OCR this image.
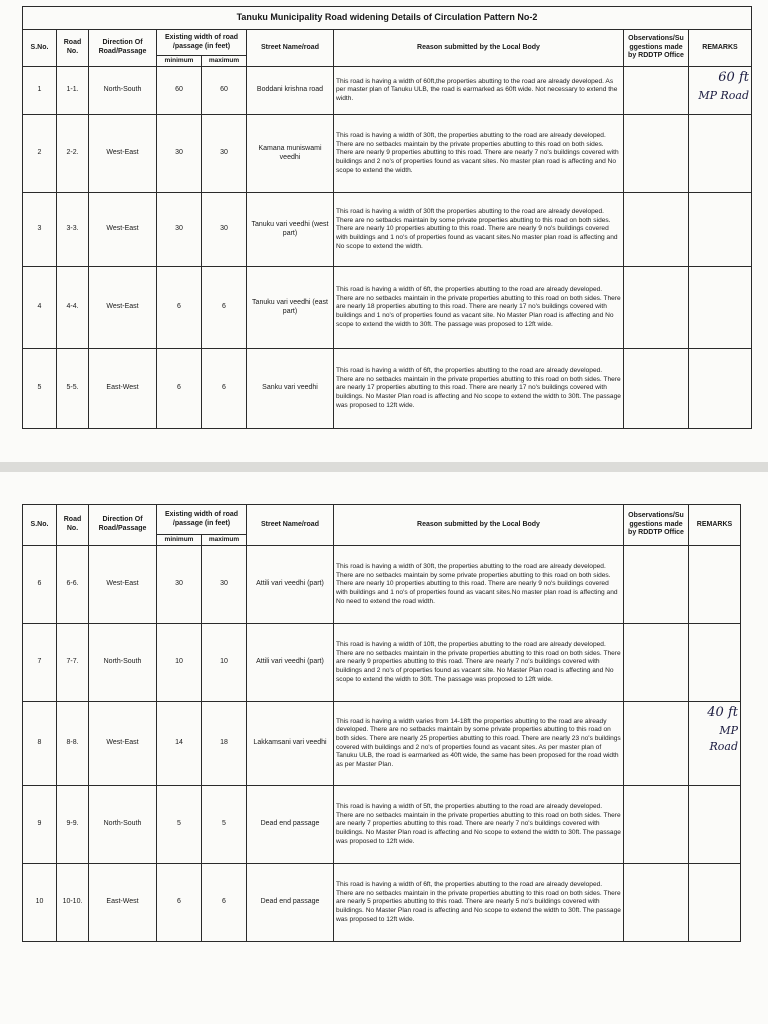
Tanuku Municipality Road widening Details of Circulation Pattern No-2								
S.No.	Road No.	Direction Of Road/Passage	Existing width of road /passage (in feet)		Street Name/road	Reason submitted by the Local Body	Observations/Su ggestions made by RDDTP Office	REMARKS
			minimum	maximum				
1	1-1.	North-South	60	60	Boddani krishna road	This road is having a width of 60ft,the properties abutting to the road are already developed. As per master plan of Tanuku ULB, the road is earmarked as 60ft wide. Not necessary to extend the width.		60 ft
MP Road

2	2-2.	West-East	30	30	Kamana muniswami veedhi	This road is having a width of 30ft, the properties abutting to the road are already developed. There are no setbacks maintain by the private properties abutting to this road on both sides. There are nearly 9 properties abutting to this road. There are nearly 7 no's buildings covered with buildings and 2 no's of properties found as vacant sites. No master plan road is affecting and No scope to extend the width.		

3	3-3.	West-East	30	30	Tanuku vari veedhi (west part)	This road is having a width of 30ft the properties abutting to the road are already developed. There are no setbacks maintain by some private properties abutting to this road on both sides. There are nearly 10 properties abutting to this road. There are nearly 9 no's buildings covered with buildings and 1 no's of properties found as vacant sites.No master plan road is affecting and No scope to extend the width.		

4	4-4.	West-East	6	6	Tanuku vari veedhi (east part)	This road is having a width of 6ft, the properties abutting to the road are already developed. There are no setbacks maintain in the private properties abutting to this road on both sides. There are nearly 18 properties abutting to this road. There are nearly 17 no's buildings covered with buildings and 1 no's of properties found as vacant site. No Master Plan road is affecting and No scope to extend the width to 30ft. The passage was proposed to 12ft wide.		

5	5-5.	East-West	6	6	Sanku vari veedhi	This road is having a width of 6ft, the properties abutting to the road are already developed. There are no setbacks maintain in the private properties abutting to this road on both sides. There are nearly 17 properties abutting to this road. There are nearly 17 no's buildings covered with buildings. No Master Plan road is affecting and No scope to extend the width to 30ft. The passage was proposed to 12ft wide.		
S.No.	Road No.	Direction Of Road/Passage	Existing width of road /passage (in feet)		Street Name/road	Reason submitted by the Local Body	Observations/Su ggestions made by RDDTP Office	REMARKS
			minimum	maximum				
6	6-6.	West-East	30	30	Attili vari veedhi (part)	This road is having a width of 30ft, the properties abutting to the road are already developed. There are no setbacks maintain by some private properties abutting to this road on both sides. There are nearly 10 properties abutting to this road. There are nearly 9 no's buildings covered with buildings and 1 no's of properties found as vacant sites.No master plan road is affecting and No need to extend the road width.		

7	7-7.	North-South	10	10	Attili vari veedhi (part)	This road is having a width of 10ft, the properties abutting to the road are already developed. There are no setbacks maintain in the private properties abutting to this road on both sides. There are nearly 9 properties abutting to this road. There are nearly 7 no's buildings covered with buildings and 2 no's of properties found as vacant site. No Master Plan road is affecting and No scope to extend the width to 30ft. The passage was proposed to 12ft wide.		

8	8-8.	West-East	14	18	Lakkamsani vari veedhi	This road is having a width varies from 14-18ft the properties abutting to the road are already developed. There are no setbacks maintain by some private properties abutting to this road on both sides. There are nearly 25 properties abutting to this road. There are nearly 23 no's buildings covered with buildings and 2 no's of properties found as vacant sites. As per master plan of Tanuku ULB, the road is earmarked as 40ft wide, the same has been proposed for the road width as per Master Plan.		40 ft
MP Road

9	9-9.	North-South	5	5	Dead end passage	This road is having a width of 5ft, the properties abutting to the road are already developed. There are no setbacks maintain in the private properties abutting to this road on both sides. There are nearly 7 properties abutting to this road. There are nearly 7 no's buildings covered with buildings. No Master Plan road is affecting and No scope to extend the width to 30ft. The passage was proposed to 12ft wide.		

10	10-10.	East-West	6	6	Dead end passage	This road is having a width of 6ft, the properties abutting to the road are already developed. There are no setbacks maintain in the private properties abutting to this road on both sides. There are nearly 5 properties abutting to this road. There are nearly 5 no's buildings covered with buildings. No Master Plan road is affecting and No scope to extend the width to 30ft. The passage was proposed to 12ft wide.		
